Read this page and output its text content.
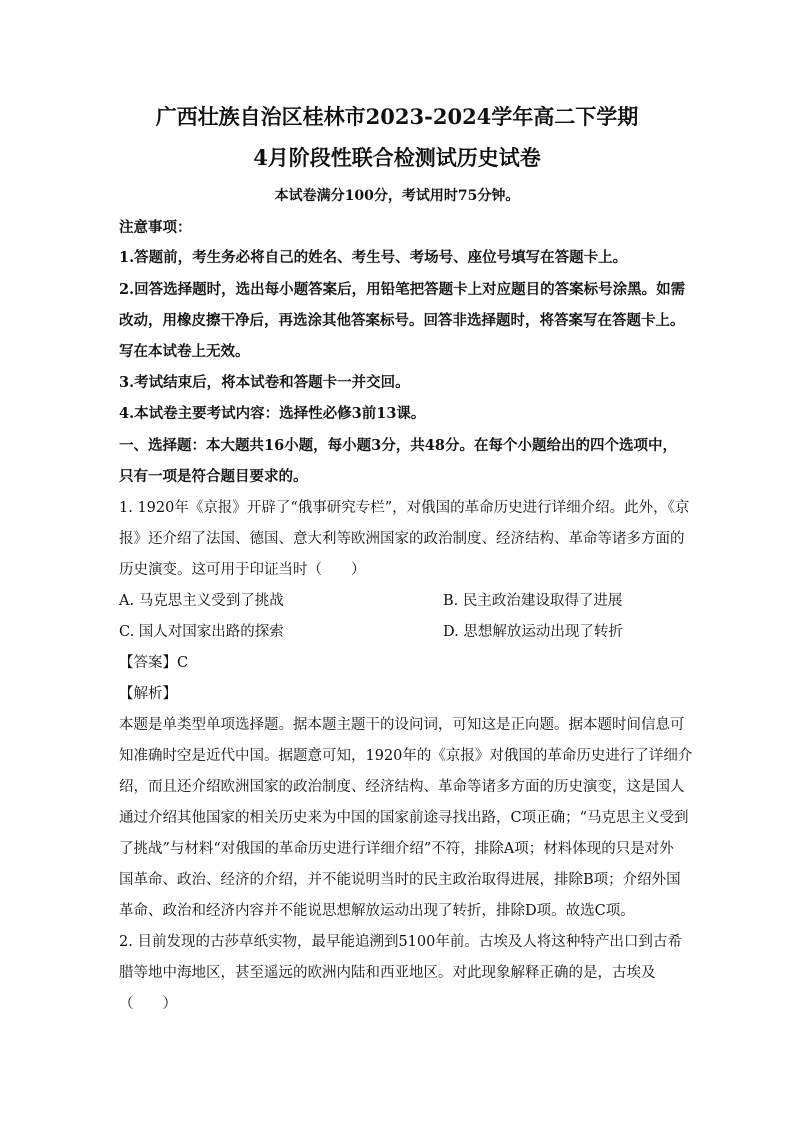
广西壮族自治区桂林市2023-2024学年高二下学期
4月阶段性联合检测试历史试卷
本试卷满分100分，考试用时75分钟。
注意事项：
1.答题前，考生务必将自己的姓名、考生号、考场号、座位号填写在答题卡上。
2.回答选择题时，选出每小题答案后，用铅笔把答题卡上对应题目的答案标号涂黑。如需
改动，用橡皮擦干净后，再选涂其他答案标号。回答非选择题时，将答案写在答题卡上。
写在本试卷上无效。
3.考试结束后，将本试卷和答题卡一并交回。
4.本试卷主要考试内容：选择性必修3前13课。
一、选择题：本大题共16小题，每小题3分，共48分。在每个小题给出的四个选项中，
只有一项是符合题目要求的。
1. 1920年《京报》开辟了“俄事研究专栏”，对俄国的革命历史进行详细介绍。此外，《京
报》还介绍了法国、德国、意大利等欧洲国家的政治制度、经济结构、革命等诸多方面的
历史演变。这可用于印证当时（　　）
A. 马克思主义受到了挑战	B. 民主政治建设取得了进展
C. 国人对国家出路的探索	D. 思想解放运动出现了转折
【答案】C
【解析】
本题是单类型单项选择题。据本题主题干的设问词，可知这是正向题。据本题时间信息可
知准确时空是近代中国。据题意可知，1920年的《京报》对俄国的革命历史进行了详细介
绍，而且还介绍欧洲国家的政治制度、经济结构、革命等诸多方面的历史演变，这是国人
通过介绍其他国家的相关历史来为中国的国家前途寻找出路，C项正确；“马克思主义受到
了挑战”与材料“对俄国的革命历史进行详细介绍”不符，排除A项；材料体现的只是对外
国革命、政治、经济的介绍，并不能说明当时的民主政治取得进展，排除B项；介绍外国
革命、政治和经济内容并不能说思想解放运动出现了转折，排除D项。故选C项。
2. 目前发现的古莎草纸实物，最早能追溯到5100年前。古埃及人将这种特产出口到古希
腊等地中海地区，甚至遥远的欧洲内陆和西亚地区。对此现象解释正确的是，古埃及
（　　）
